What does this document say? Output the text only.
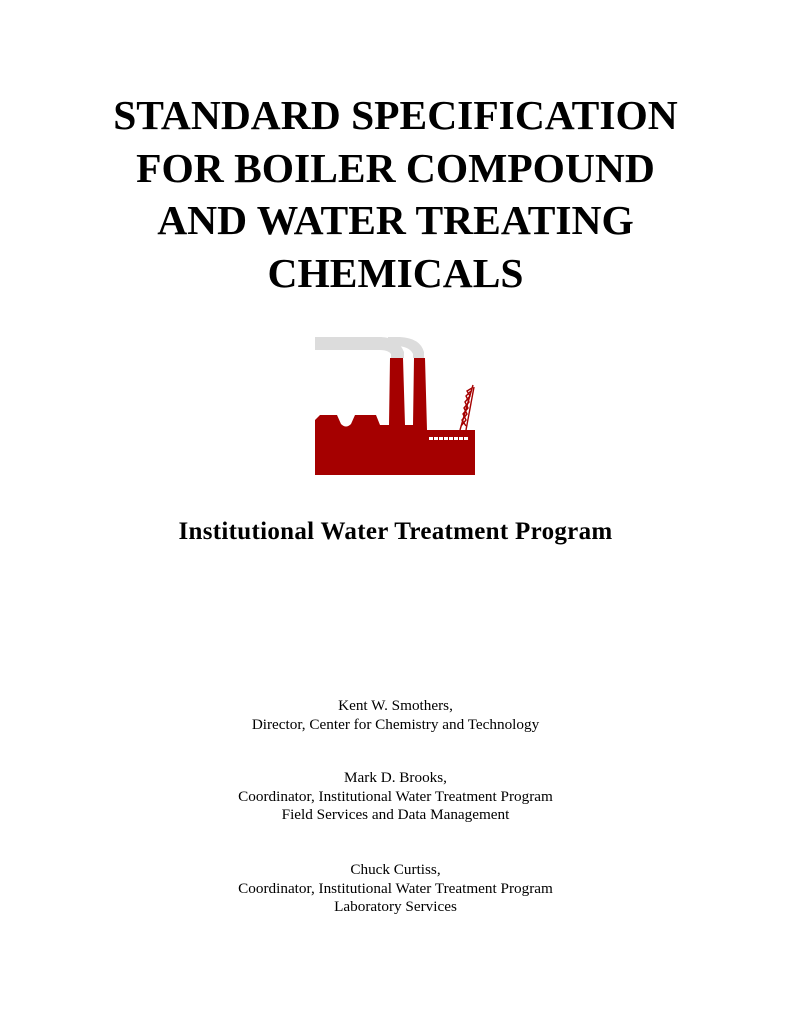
STANDARD SPECIFICATION
FOR BOILER COMPOUND
AND WATER TREATING
CHEMICALS
Institutional Water Treatment Program
Kent W. Smothers,
Director, Center for Chemistry and Technology
Mark D. Brooks,
Coordinator, Institutional Water Treatment Program
Field Services and Data Management
Chuck Curtiss,
Coordinator, Institutional Water Treatment Program
Laboratory Services
